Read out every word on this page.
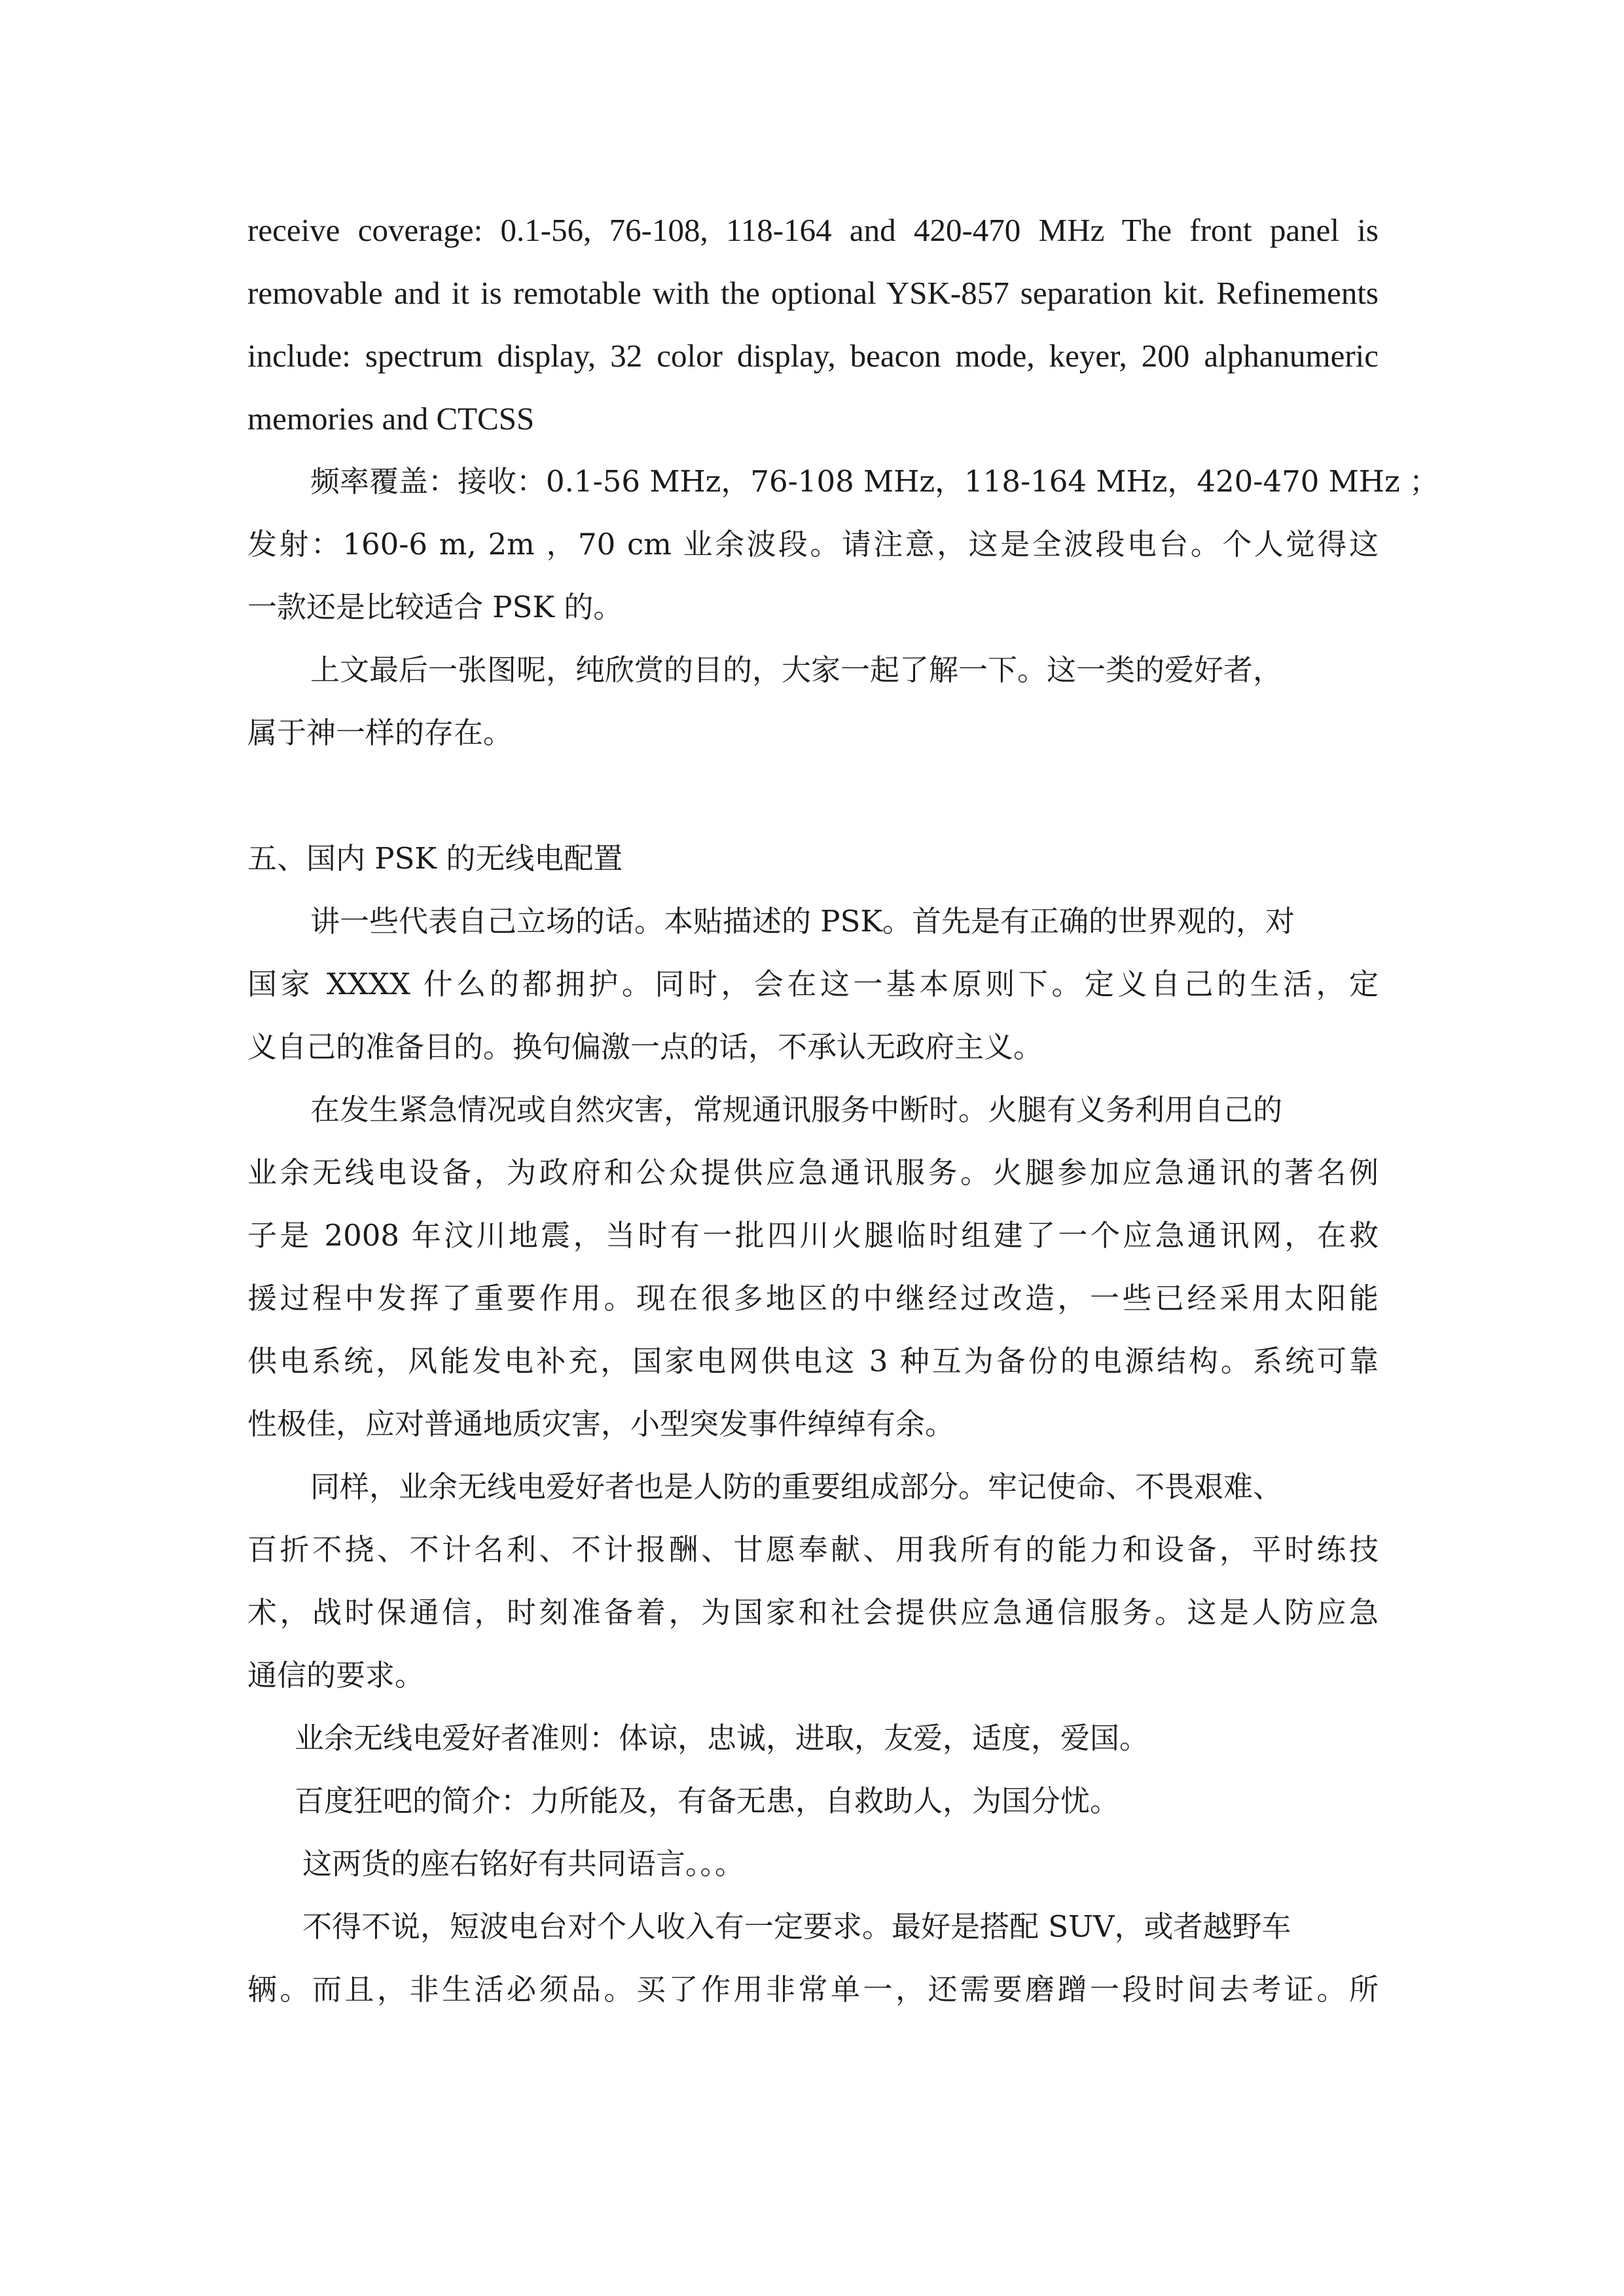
receive coverage: 0.1-56, 76-108, 118-164 and 420-470 MHz The front panel is
removable and it is remotable with the optional YSK-857 separation kit. Refinements
include: spectrum display, 32 color display, beacon mode, keyer, 200 alphanumeric
memories and CTCSS
频率覆盖：接收：0.1-56 MHz，76-108 MHz，118-164 MHz，420-470 MHz ；
发射：160-6 m, 2m ，70 cm 业余波段。请注意，这是全波段电台。个人觉得这
一款还是比较适合 PSK 的。
上文最后一张图呢，纯欣赏的目的，大家一起了解一下。这一类的爱好者，
属于神一样的存在。
五、国内 PSK 的无线电配置
讲一些代表自己立场的话。本贴描述的 PSK。首先是有正确的世界观的，对
国家 XXXX 什么的都拥护。同时，会在这一基本原则下。定义自己的生活，定
义自己的准备目的。换句偏激一点的话，不承认无政府主义。
在发生紧急情况或自然灾害，常规通讯服务中断时。火腿有义务利用自己的
业余无线电设备，为政府和公众提供应急通讯服务。火腿参加应急通讯的著名例
子是 2008 年汶川地震，当时有一批四川火腿临时组建了一个应急通讯网，在救
援过程中发挥了重要作用。现在很多地区的中继经过改造，一些已经采用太阳能
供电系统，风能发电补充，国家电网供电这 3 种互为备份的电源结构。系统可靠
性极佳，应对普通地质灾害，小型突发事件绰绰有余。
同样，业余无线电爱好者也是人防的重要组成部分。牢记使命、不畏艰难、
百折不挠、不计名利、不计报酬、甘愿奉献、用我所有的能力和设备，平时练技
术，战时保通信，时刻准备着，为国家和社会提供应急通信服务。这是人防应急
通信的要求。
业余无线电爱好者准则：体谅，忠诚，进取，友爱，适度，爱国。
百度狂吧的简介：力所能及，有备无患，自救助人，为国分忧。
这两货的座右铭好有共同语言。。。
不得不说，短波电台对个人收入有一定要求。最好是搭配 SUV，或者越野车
辆。而且，非生活必须品。买了作用非常单一，还需要磨蹭一段时间去考证。所
